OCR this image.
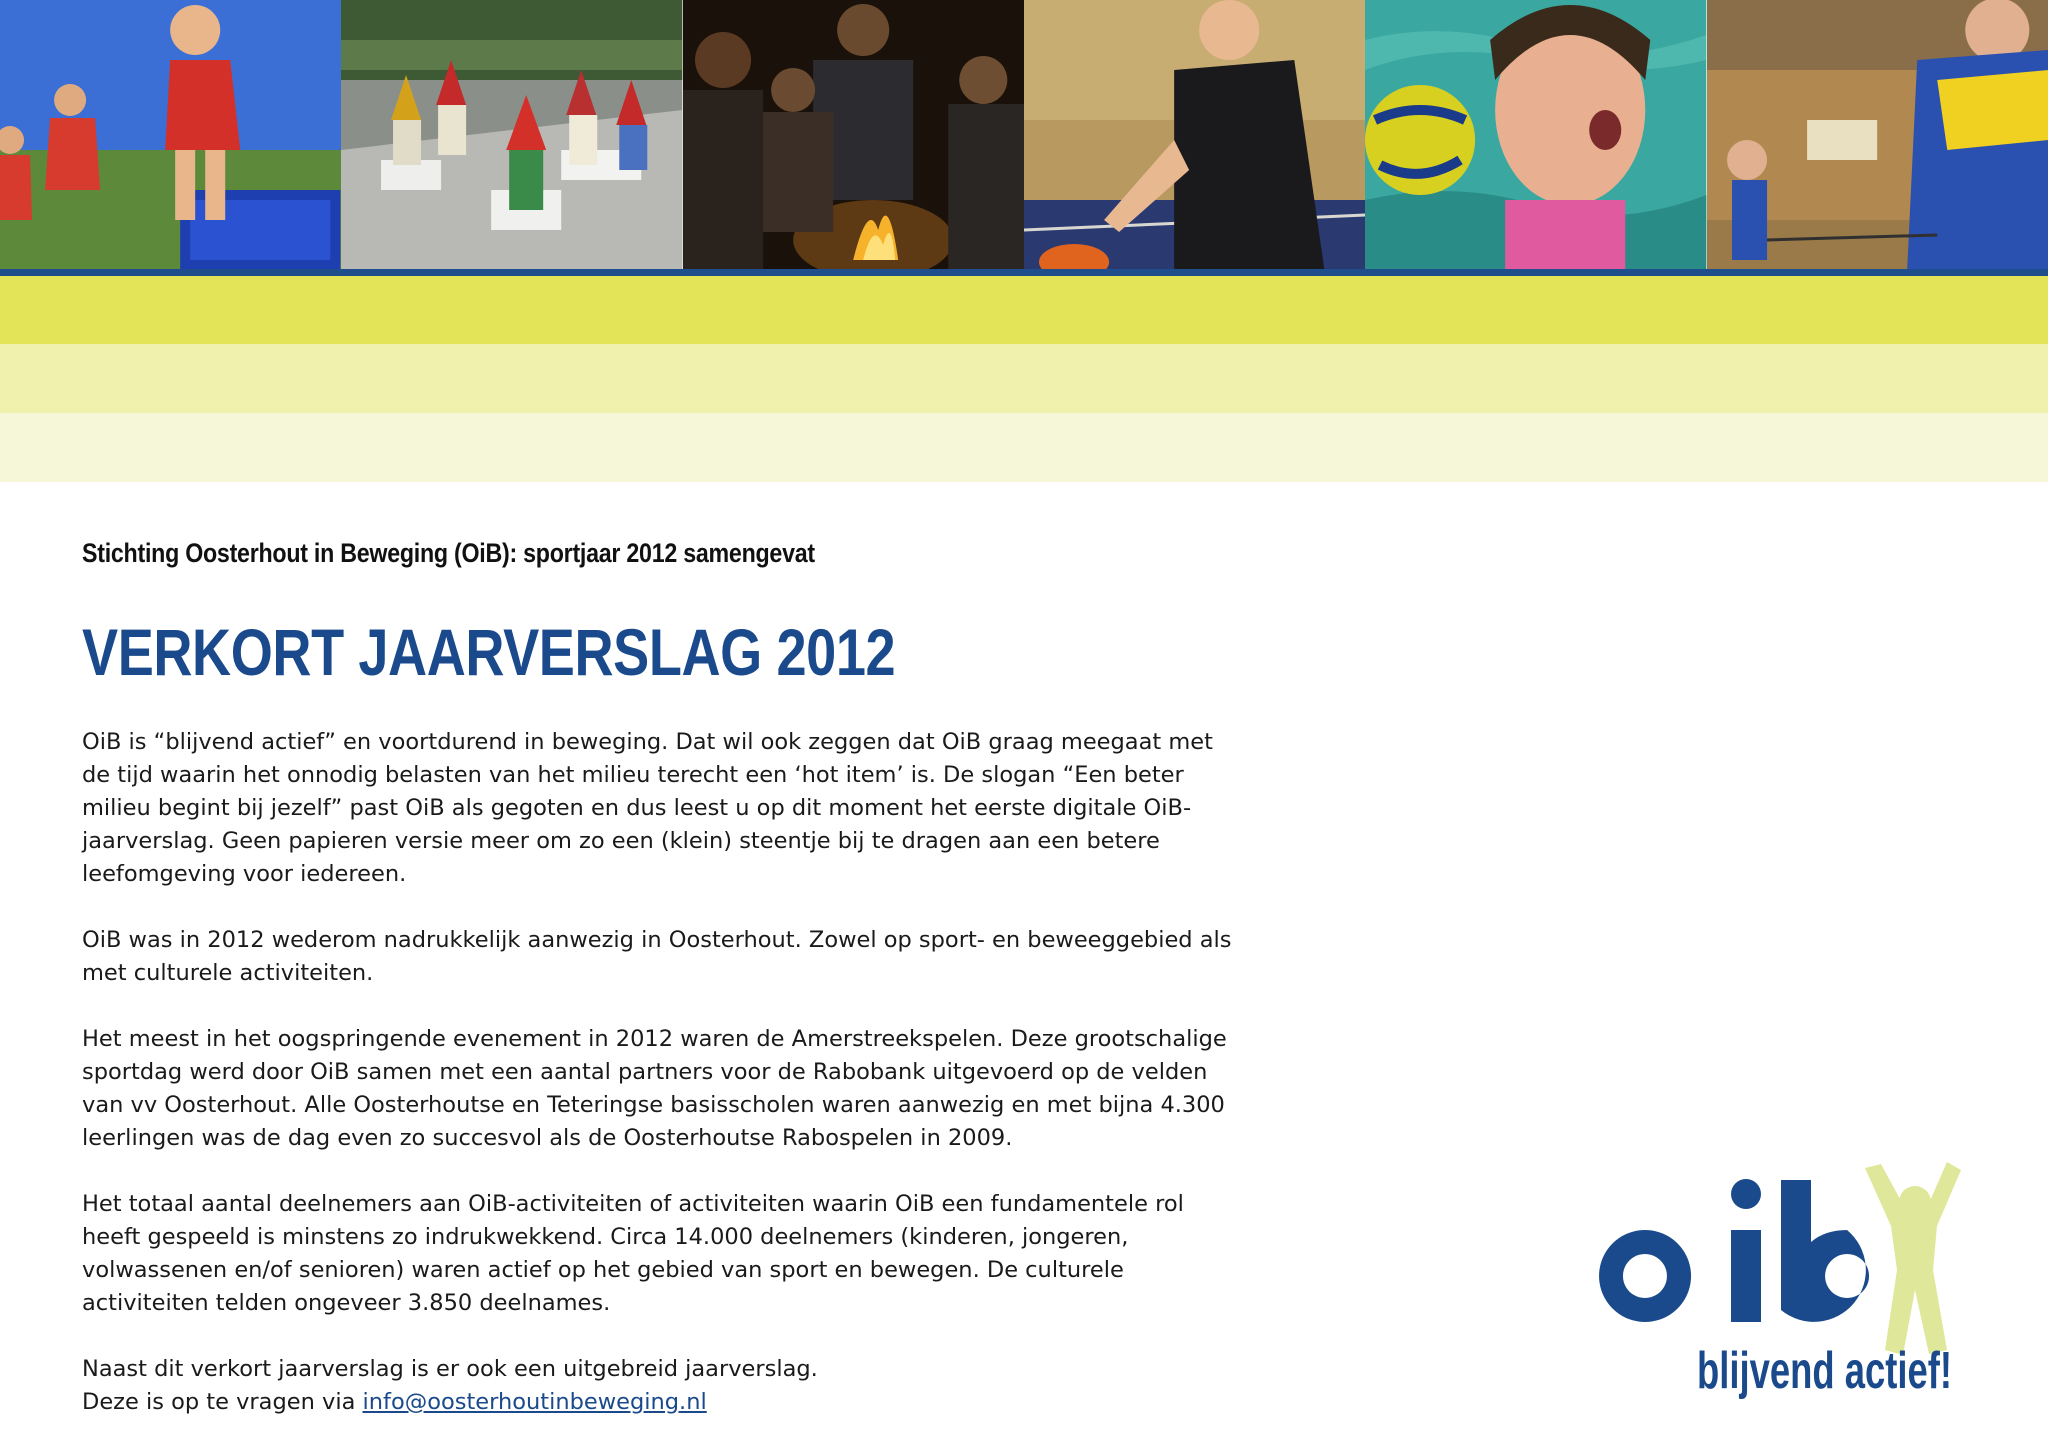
Stichting Oosterhout in Beweging (OiB): sportjaar 2012 samengevat
VERKORT JAARVERSLAG 2012

OiB is “blijvend actief” en voortdurend in beweging. Dat wil ook zeggen dat OiB graag meegaat met de tijd waarin het onnodig belasten van het milieu terecht een ‘hot item’ is. De slogan “Een beter milieu begint bij jezelf” past OiB als gegoten en dus leest u op dit moment het eerste digitale OiB-jaarverslag. Geen papieren versie meer om zo een (klein) steentje bij te dragen aan een betere leefomgeving voor iedereen.

OiB was in 2012 wederom nadrukkelijk aanwezig in Oosterhout. Zowel op sport- en beweeggebied als met culturele activiteiten.

Het meest in het oogspringende evenement in 2012 waren de Amerstreekspelen. Deze grootschalige sportdag werd door OiB samen met een aantal partners voor de Rabobank uitgevoerd op de velden van vv Oosterhout. Alle Oosterhoutse en Teteringse basisscholen waren aanwezig en met bijna 4.300 leerlingen was de dag even zo succesvol als de Oosterhoutse Rabospelen in 2009.

Het totaal aantal deelnemers aan OiB-activiteiten of activiteiten waarin OiB een fundamentele rol heeft gespeeld is minstens zo indrukwekkend. Circa 14.000 deelnemers (kinderen, jongeren, volwassenen en/of senioren) waren actief op het gebied van sport en bewegen. De culturele activiteiten telden ongeveer 3.850 deelnames.

Naast dit verkort jaarverslag is er ook een uitgebreid jaarverslag.
Deze is op te vragen via info@oosterhoutinbeweging.nl

blijvend actief!
